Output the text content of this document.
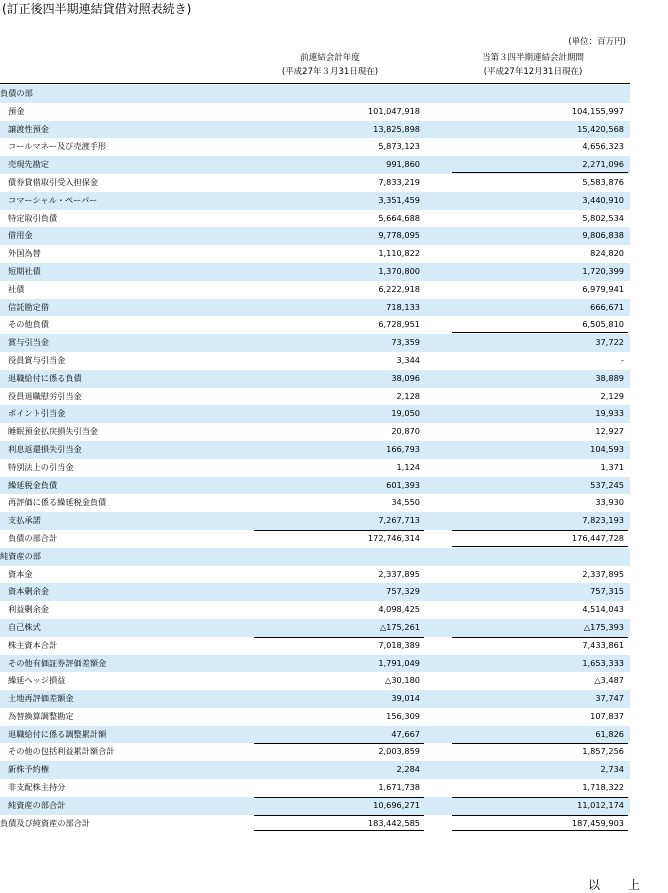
(訂正後四半期連結貸借対照表続き)
(単位：百万円)
前連結会計年度
(平成27年３月31日現在)
当第３四半期連結会計期間
(平成27年12月31日現在)
負債の部
預金	101,047,918	104,155,997
譲渡性預金	13,825,898	15,420,568
コールマネー及び売渡手形	5,873,123	4,656,323
売現先勘定	991,860	2,271,096
債券貸借取引受入担保金	7,833,219	5,583,876
コマーシャル・ペーパー	3,351,459	3,440,910
特定取引負債	5,664,688	5,802,534
借用金	9,778,095	9,806,838
外国為替	1,110,822	824,820
短期社債	1,370,800	1,720,399
社債	6,222,918	6,979,941
信託勘定借	718,133	666,671
その他負債	6,728,951	6,505,810
賞与引当金	73,359	37,722
役員賞与引当金	3,344	-
退職給付に係る負債	38,096	38,889
役員退職慰労引当金	2,128	2,129
ポイント引当金	19,050	19,933
睡眠預金払戻損失引当金	20,870	12,927
利息返還損失引当金	166,793	104,593
特別法上の引当金	1,124	1,371
繰延税金負債	601,393	537,245
再評価に係る繰延税金負債	34,550	33,930
支払承諾	7,267,713	7,823,193
負債の部合計	172,746,314	176,447,728
純資産の部
資本金	2,337,895	2,337,895
資本剰余金	757,329	757,315
利益剰余金	4,098,425	4,514,043
自己株式	△175,261	△175,393
株主資本合計	7,018,389	7,433,861
その他有価証券評価差額金	1,791,049	1,653,333
繰延ヘッジ損益	△30,180	△3,487
土地再評価差額金	39,014	37,747
為替換算調整勘定	156,309	107,837
退職給付に係る調整累計額	47,667	61,826
その他の包括利益累計額合計	2,003,859	1,857,256
新株予約権	2,284	2,734
非支配株主持分	1,671,738	1,718,322
純資産の部合計	10,696,271	11,012,174
負債及び純資産の部合計	183,442,585	187,459,903
以上
